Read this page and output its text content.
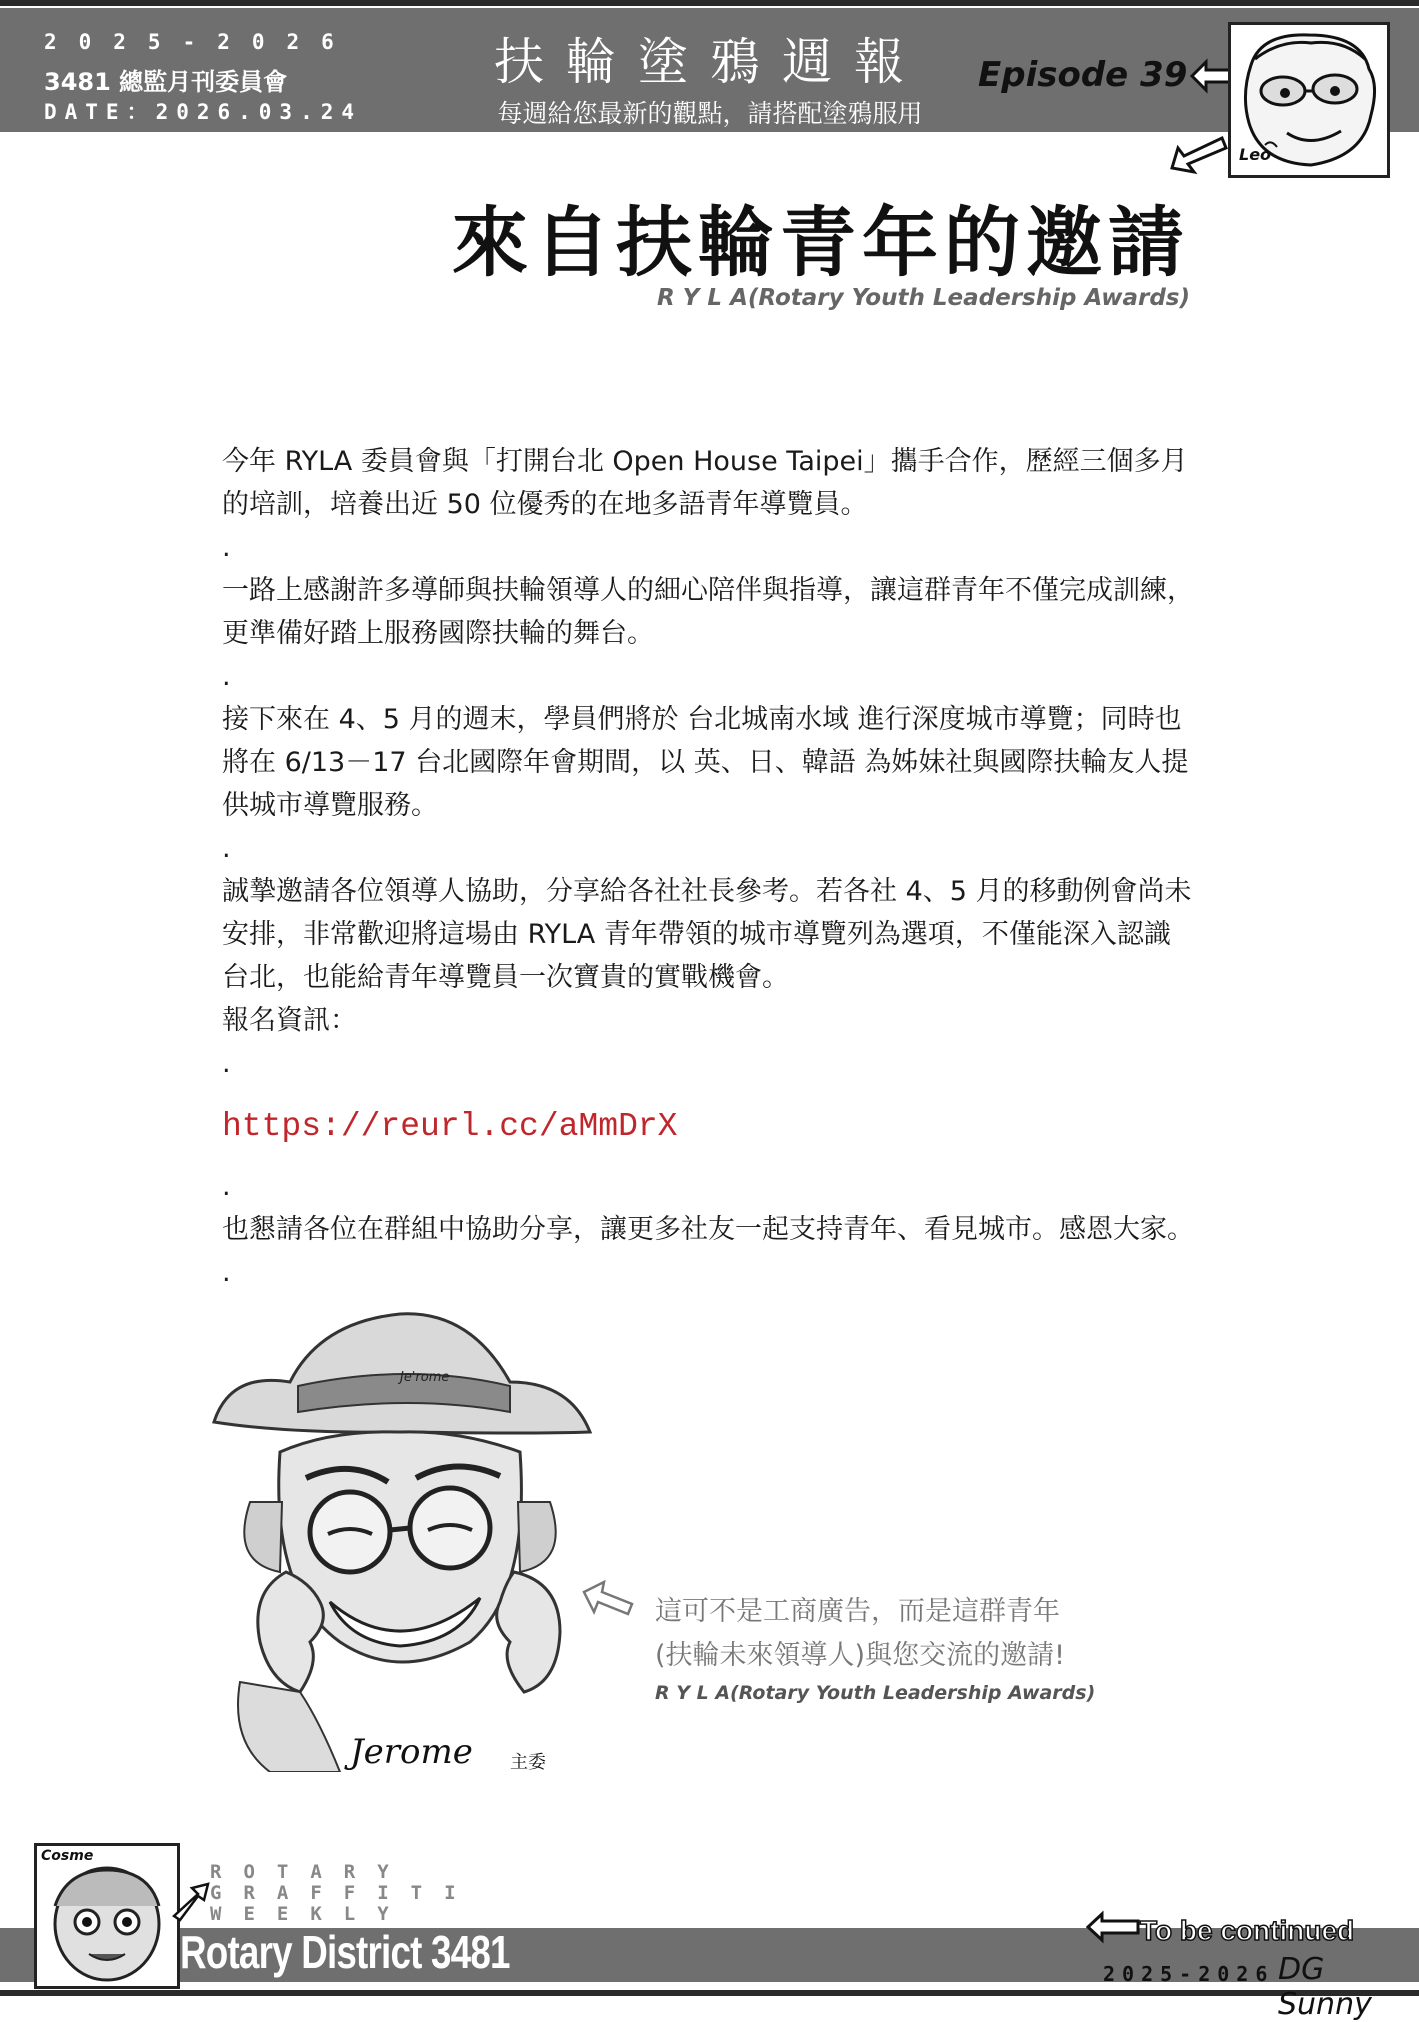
2025-2026
3481 總監月刊委員會
DATE：2026.03.24
扶輪塗鴉週報
每週給您最新的觀點，請搭配塗鴉服用
Episode 39
Leo
來自扶輪青年的邀請
R Y L A(Rotary Youth Leadership Awards)

今年 RYLA 委員會與「打開台北 Open House Taipei」攜手合作，歷經三個多月的培訓，培養出近 50 位優秀的在地多語青年導覽員。

.

一路上感謝許多導師與扶輪領導人的細心陪伴與指導，讓這群青年不僅完成訓練，更準備好踏上服務國際扶輪的舞台。

.

接下來在 4、5 月的週末，學員們將於 台北城南水域 進行深度城市導覽；同時也將在 6/13－17 台北國際年會期間，以 英、日、韓語 為姊妹社與國際扶輪友人提供城市導覽服務。

.

誠摯邀請各位領導人協助，分享給各社社長參考。若各社 4、5 月的移動例會尚未安排，非常歡迎將這場由 RYLA 青年帶領的城市導覽列為選項，不僅能深入認識台北，也能給青年導覽員一次寶貴的實戰機會。

報名資訊：

.

https://reurl.cc/aMmDrX

.

也懇請各位在群組中協助分享，讓更多社友一起支持青年、看見城市。感恩大家。

.

Je'rome
Jerome 主委
這可不是工商廣告，而是這群青年
(扶輪未來領導人)與您交流的邀請!
R Y L A(Rotary Youth Leadership Awards)
ROTARY
GRAFFITI
WEEKLY
Rotary District 3481
Cosme
To be continued
2025-2026 DG Sunny
